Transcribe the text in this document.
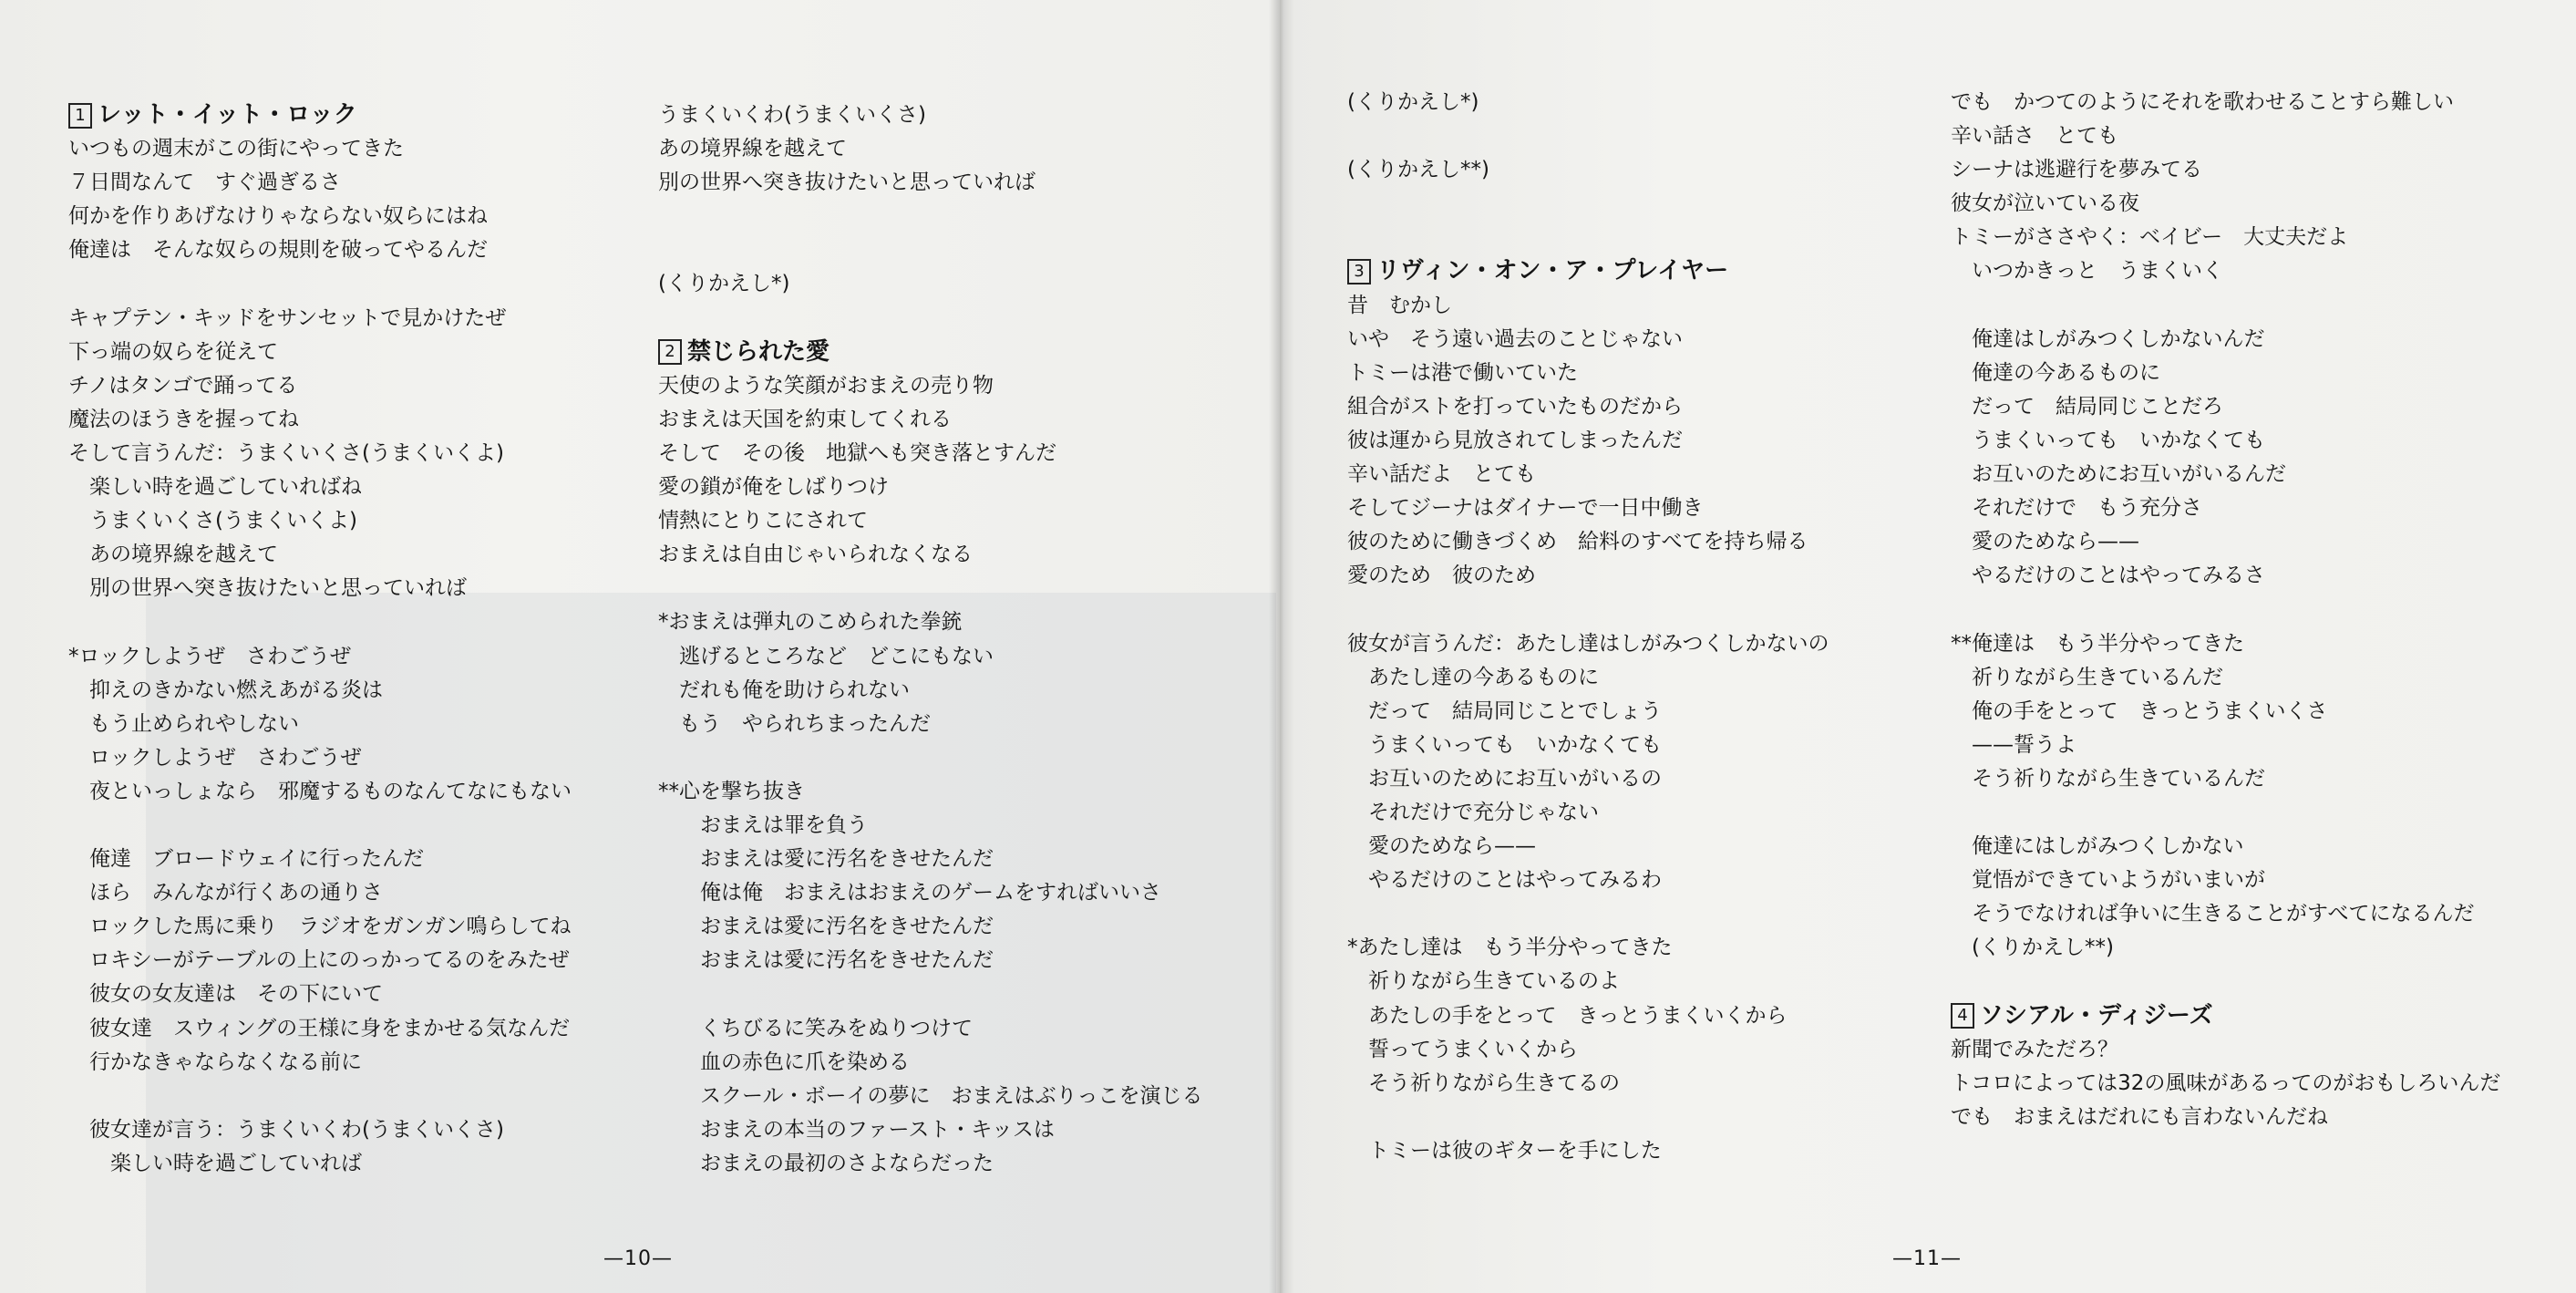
1 レット・イット・ロック
いつもの週末がこの街にやってきた
７日間なんて　すぐ過ぎるさ
何かを作りあげなけりゃならない奴らにはね
俺達は　そんな奴らの規則を破ってやるんだ
キャプテン・キッドをサンセットで見かけたぜ
下っ端の奴らを従えて
チノはタンゴで踊ってる
魔法のほうきを握ってね
そして言うんだ：うまくいくさ(うまくいくよ)
　楽しい時を過ごしていればね
　うまくいくさ(うまくいくよ)
　あの境界線を越えて
　別の世界へ突き抜けたいと思っていれば
*ロックしようぜ　さわごうぜ
　抑えのきかない燃えあがる炎は
　もう止められやしない
　ロックしようぜ　さわごうぜ
　夜といっしょなら　邪魔するものなんてなにもない
　俺達　ブロードウェイに行ったんだ
　ほら　みんなが行くあの通りさ
　ロックした馬に乗り　ラジオをガンガン鳴らしてね
　ロキシーがテーブルの上にのっかってるのをみたぜ
　彼女の女友達は　その下にいて
　彼女達　スウィングの王様に身をまかせる気なんだ
　行かなきゃならなくなる前に
　彼女達が言う：うまくいくわ(うまくいくさ)
　　楽しい時を過ごしていれば
うまくいくわ(うまくいくさ)
あの境界線を越えて
別の世界へ突き抜けたいと思っていれば
(くりかえし*)
2 禁じられた愛
天使のような笑顔がおまえの売り物
おまえは天国を約束してくれる
そして　その後　地獄へも突き落とすんだ
愛の鎖が俺をしばりつけ
情熱にとりこにされて
おまえは自由じゃいられなくなる
*おまえは弾丸のこめられた拳銃
　逃げるところなど　どこにもない
　だれも俺を助けられない
　もう　やられちまったんだ
**心を撃ち抜き
　　おまえは罪を負う
　　おまえは愛に汚名をきせたんだ
　　俺は俺　おまえはおまえのゲームをすればいいさ
　　おまえは愛に汚名をきせたんだ
　　おまえは愛に汚名をきせたんだ
　　くちびるに笑みをぬりつけて
　　血の赤色に爪を染める
　　スクール・ボーイの夢に　おまえはぶりっこを演じる
　　おまえの本当のファースト・キッスは
　　おまえの最初のさよならだった
—10—
(くりかえし*)
(くりかえし**)
3 リヴィン・オン・ア・プレイヤー
昔　むかし
いや　そう遠い過去のことじゃない
トミーは港で働いていた
組合がストを打っていたものだから
彼は運から見放されてしまったんだ
辛い話だよ　とても
そしてジーナはダイナーで一日中働き
彼のために働きづくめ　給料のすべてを持ち帰る
愛のため　彼のため
彼女が言うんだ：あたし達はしがみつくしかないの
　あたし達の今あるものに
　だって　結局同じことでしょう
　うまくいっても　いかなくても
　お互いのためにお互いがいるの
　それだけで充分じゃない
　愛のためなら——
　やるだけのことはやってみるわ
*あたし達は　もう半分やってきた
　祈りながら生きているのよ
　あたしの手をとって　きっとうまくいくから
　誓ってうまくいくから
　そう祈りながら生きてるの
　トミーは彼のギターを手にした
でも　かつてのようにそれを歌わせることすら難しい
辛い話さ　とても
シーナは逃避行を夢みてる
彼女が泣いている夜
トミーがささやく：ベイビー　大丈夫だよ
　いつかきっと　うまくいく
　俺達はしがみつくしかないんだ
　俺達の今あるものに
　だって　結局同じことだろ
　うまくいっても　いかなくても
　お互いのためにお互いがいるんだ
　それだけで　もう充分さ
　愛のためなら——
　やるだけのことはやってみるさ
**俺達は　もう半分やってきた
　祈りながら生きているんだ
　俺の手をとって　きっとうまくいくさ
　——誓うよ
　そう祈りながら生きているんだ
　俺達にはしがみつくしかない
　覚悟ができていようがいまいが
　そうでなければ争いに生きることがすべてになるんだ
　(くりかえし**)
4 ソシアル・ディジーズ
新聞でみただろ？
トコロによっては32の風味があるってのがおもしろいんだ
でも　おまえはだれにも言わないんだね
—11—
